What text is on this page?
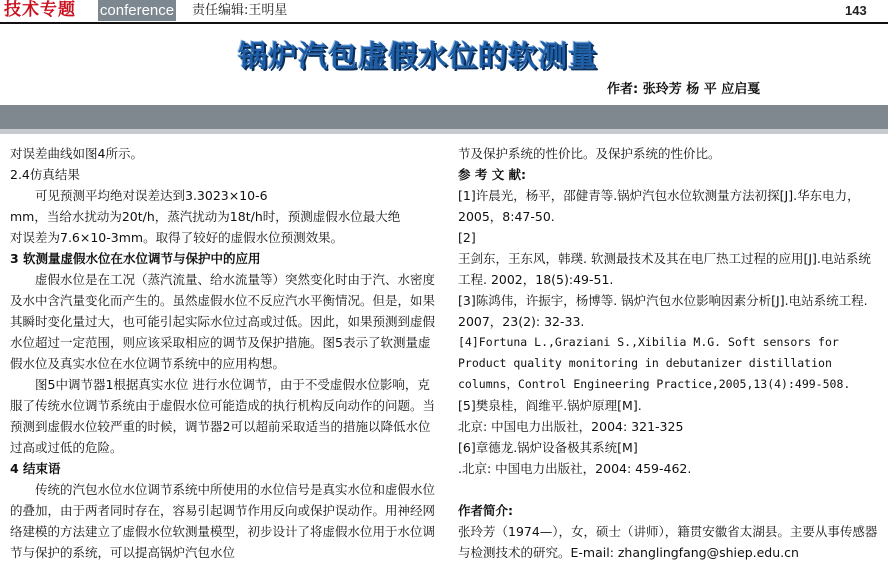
技术专题 conference 责任编辑:王明星	143
锅炉汽包虚假水位的软测量
作者: 张玲芳 杨 平 应启戛

对误差曲线如图4所示。

2.4仿真结果

可见预测平均绝对误差达到3.3023×10-6

mm，当给水扰动为20t/h，蒸汽扰动为18t/h时，预测虚假水位最大绝

对误差为7.6×10-3mm。取得了较好的虚假水位预测效果。

3 软测量虚假水位在水位调节与保护中的应用

虚假水位是在工况（蒸汽流量、给水流量等）突然变化时由于汽、水密度及水中含汽量变化而产生的。虽然虚假水位不反应汽水平衡情况。但是，如果其瞬时变化量过大，也可能引起实际水位过高或过低。因此，如果预测到虚假水位超过一定范围，则应该采取相应的调节及保护措施。图5表示了软测量虚假水位及真实水位在水位调节系统中的应用构想。

图5中调节器1根据真实水位 进行水位调节，由于不受虚假水位影响，克服了传统水位调节系统由于虚假水位可能造成的执行机构反向动作的问题。当预测到虚假水位较严重的时候，调节器2可以超前采取适当的措施以降低水位过高或过低的危险。

4 结束语

传统的汽包水位水位调节系统中所使用的水位信号是真实水位和虚假水位的叠加，由于两者同时存在，容易引起调节作用反向或保护误动作。用神经网络建模的方法建立了虚假水位软测量模型，初步设计了将虚假水位用于水位调节与保护的系统，可以提高锅炉汽包水位

节及保护系统的性价比。及保护系统的性价比。

参 考 文 献:

[1]许晨光，杨平，邵健青等.锅炉汽包水位软测量方法初探[J].华东电力，2005，8:47-50.

[2]

王剑东，王东风，韩璞. 软测最技术及其在电厂热工过程的应用[J].电站系统工程. 2002，18(5):49-51.

[3]陈鸿伟，许振宇，杨博等. 锅炉汽包水位影响因素分析[J].电站系统工程. 2007，23(2): 32-33.

[4]Fortuna L.,Graziani S.,Xibilia M.G. Soft sensors for

Product quality monitoring in debutanizer distillation

columns，Control Engineering Practice,2005,13(4):499-508.

[5]樊泉桂，阎维平.锅炉原理[M].

北京: 中国电力出版社，2004: 321-325

[6]章德龙.锅炉设备极其系统[M]

.北京: 中国电力出版社，2004: 459-462.

作者简介:

张玲芳（1974—），女，硕士（讲师），籍贯安徽省太湖县。主要从事传感器与检测技术的研究。E-mail: zhanglingfang@shiep.edu.cn
